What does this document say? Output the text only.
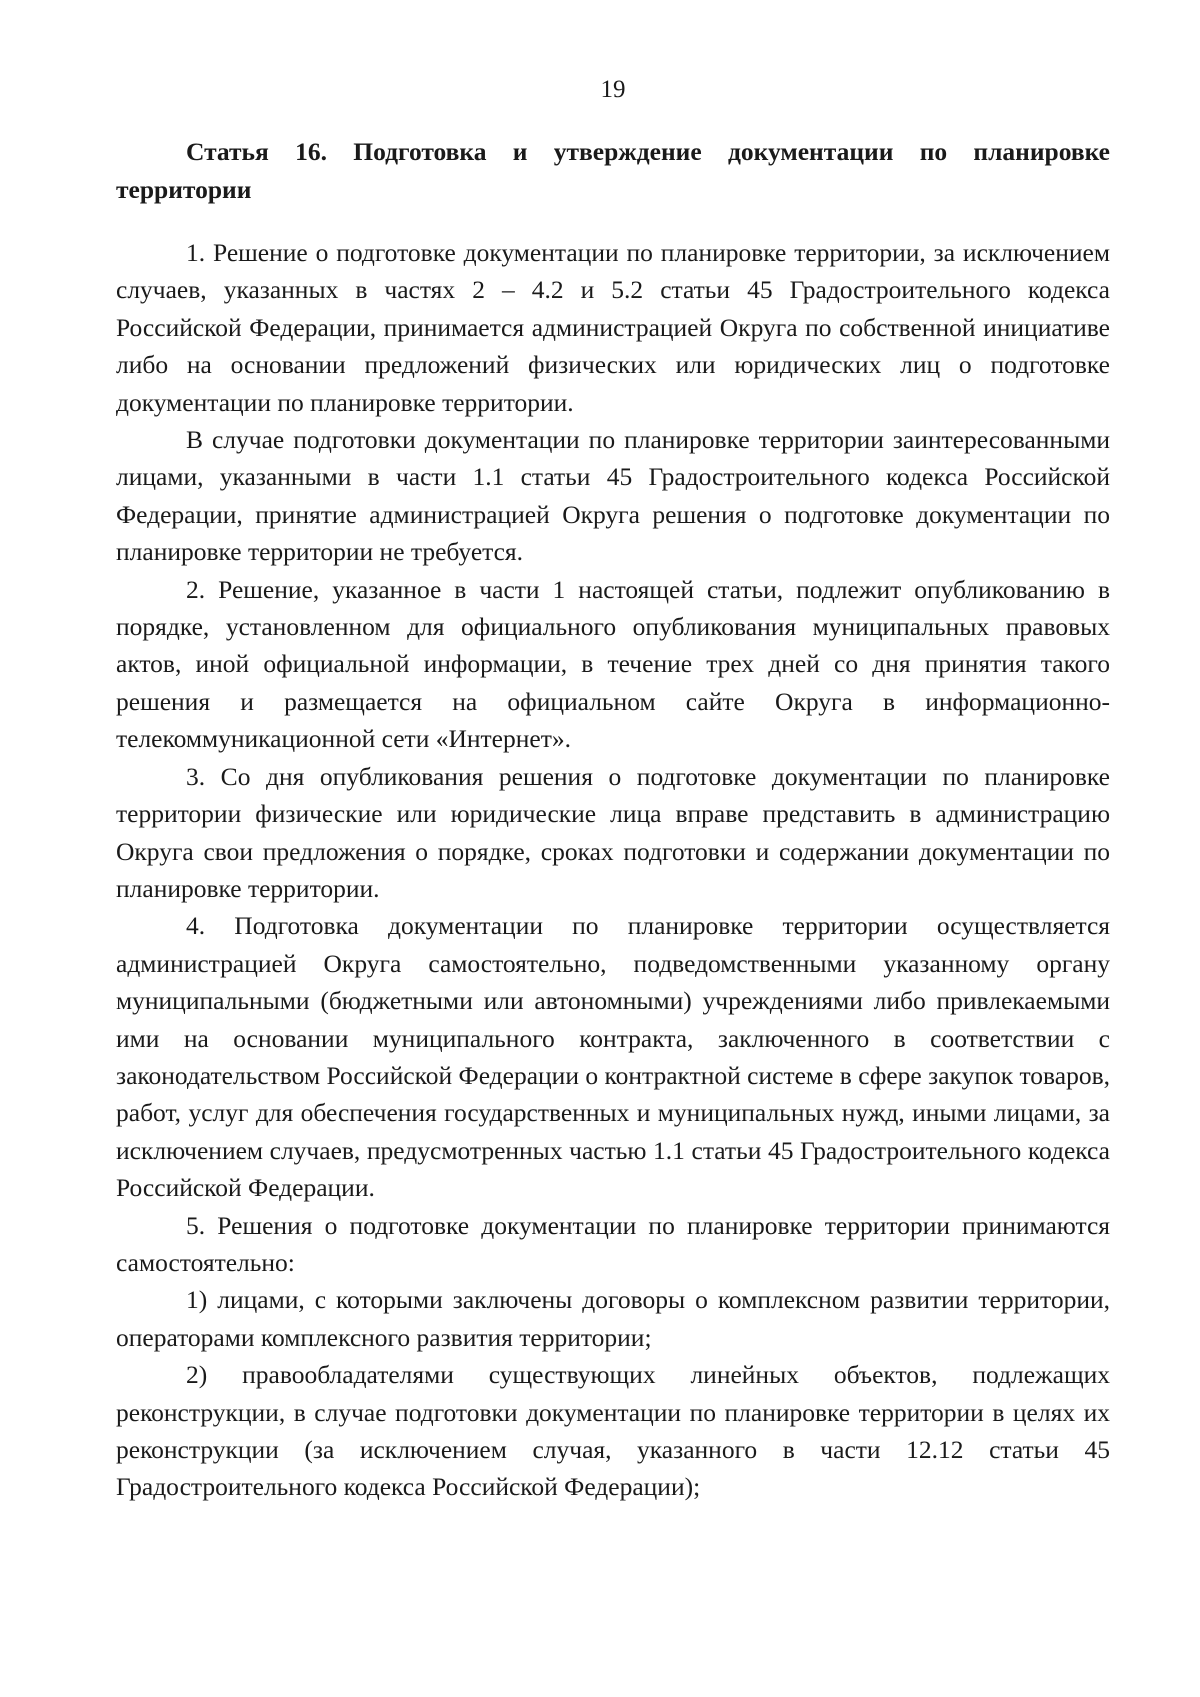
19
Статья 16. Подготовка и утверждение документации по планировке территории

1. Решение о подготовке документации по планировке территории, за исключением случаев, указанных в частях 2 – 4.2 и 5.2 статьи 45 Градостроительного кодекса Российской Федерации, принимается администрацией Округа по собственной инициативе либо на основании предложений физических или юридических лиц о подготовке документации по планировке территории.

В случае подготовки документации по планировке территории заинтересованными лицами, указанными в части 1.1 статьи 45 Градостроительного кодекса Российской Федерации, принятие администрацией Округа решения о подготовке документации по планировке территории не требуется.

2. Решение, указанное в части 1 настоящей статьи, подлежит опубликованию в порядке, установленном для официального опубликования муниципальных правовых актов, иной официальной информации, в течение трех дней со дня принятия такого решения и размещается на официальном сайте Округа в информационно-телекоммуникационной сети «Интернет».

3. Со дня опубликования решения о подготовке документации по планировке территории физические или юридические лица вправе представить в администрацию Округа свои предложения о порядке, сроках подготовки и содержании документации по планировке территории.

4. Подготовка документации по планировке территории осуществляется администрацией Округа самостоятельно, подведомственными указанному органу муниципальными (бюджетными или автономными) учреждениями либо привлекаемыми ими на основании муниципального контракта, заключенного в соответствии с законодательством Российской Федерации о контрактной системе в сфере закупок товаров, работ, услуг для обеспечения государственных и муниципальных нужд, иными лицами, за исключением случаев, предусмотренных частью 1.1 статьи 45 Градостроительного кодекса Российской Федерации.

5. Решения о подготовке документации по планировке территории принимаются самостоятельно:

1) лицами, с которыми заключены договоры о комплексном развитии территории, операторами комплексного развития территории;

2) правообладателями существующих линейных объектов, подлежащих реконструкции, в случае подготовки документации по планировке территории в целях их реконструкции (за исключением случая, указанного в части 12.12 статьи 45 Градостроительного кодекса Российской Федерации);
